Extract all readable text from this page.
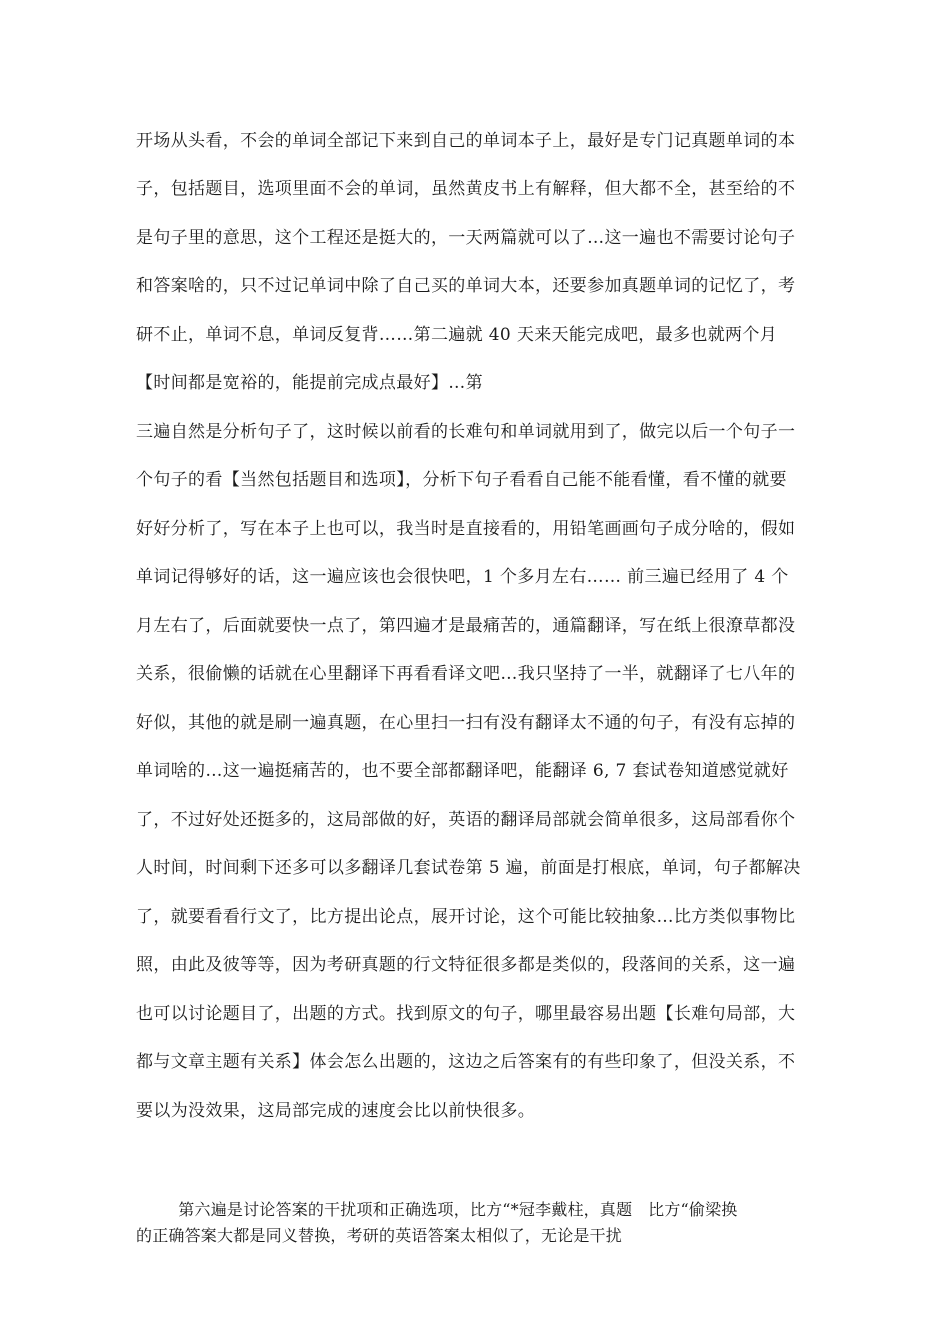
开场从头看，不会的单词全部记下来到自己的单词本子上，最好是专门记真题单词的本
子，包括题目，选项里面不会的单词，虽然黄皮书上有解释，但大都不全，甚至给的不
是句子里的意思，这个工程还是挺大的，一天两篇就可以了…这一遍也不需要讨论句子
和答案啥的，只不过记单词中除了自己买的单词大本，还要参加真题单词的记忆了，考
研不止，单词不息，单词反复背……第二遍就 40 天来天能完成吧，最多也就两个月
【时间都是宽裕的，能提前完成点最好】…第
三遍自然是分析句子了，这时候以前看的长难句和单词就用到了，做完以后一个句子一
个句子的看【当然包括题目和选项】，分析下句子看看自己能不能看懂，看不懂的就要
好好分析了，写在本子上也可以，我当时是直接看的，用铅笔画画句子成分啥的，假如
单词记得够好的话，这一遍应该也会很快吧，1 个多月左右…… 前三遍已经用了 4 个
月左右了，后面就要快一点了，第四遍才是最痛苦的，通篇翻译，写在纸上很潦草都没
关系，很偷懒的话就在心里翻译下再看看译文吧…我只坚持了一半，就翻译了七八年的
好似，其他的就是刷一遍真题，在心里扫一扫有没有翻译太不通的句子，有没有忘掉的
单词啥的…这一遍挺痛苦的，也不要全部都翻译吧，能翻译 6, 7 套试卷知道感觉就好
了，不过好处还挺多的，这局部做的好，英语的翻译局部就会简单很多，这局部看你个
人时间，时间剩下还多可以多翻译几套试卷第 5 遍，前面是打根底，单词，句子都解决
了，就要看看行文了，比方提出论点，展开讨论，这个可能比较抽象…比方类似事物比
照，由此及彼等等，因为考研真题的行文特征很多都是类似的，段落间的关系，这一遍
也可以讨论题目了，出题的方式。找到原文的句子，哪里最容易出题【长难句局部，大
都与文章主题有关系】体会怎么出题的，这边之后答案有的有些印象了，但没关系，不
要以为没效果，这局部完成的速度会比以前快很多。
第六遍是讨论答案的干扰项和正确选项，比方“*冠李戴柱，真题   比方“偷梁换
的正确答案大都是同义替换，考研的英语答案太相似了，无论是干扰
